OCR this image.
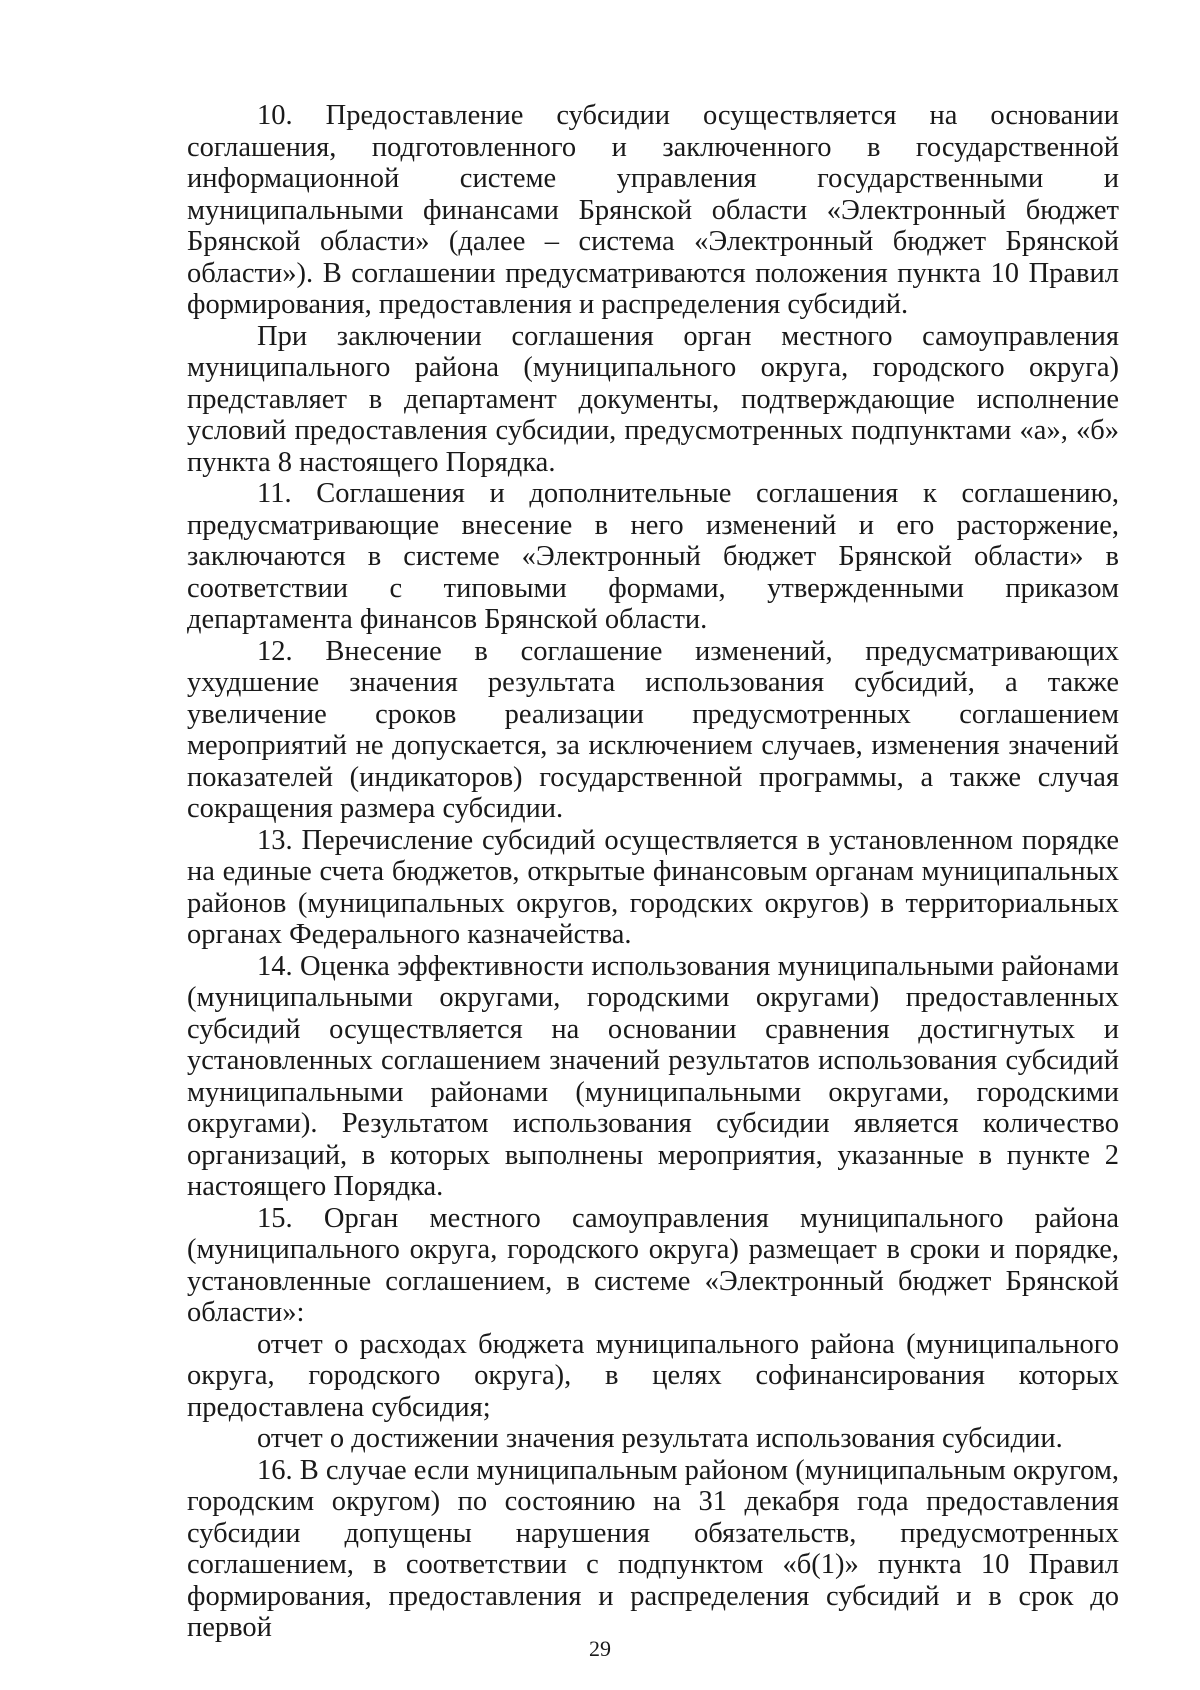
10. Предоставление субсидии осуществляется на основании соглашения, подготовленного и заключенного в государственной информационной системе управления государственными и муниципальными финансами Брянской области «Электронный бюджет Брянской области» (далее – система «Электронный бюджет Брянской области»). В соглашении предусматриваются положения пункта 10 Правил формирования, предоставления и распределения субсидий.

При заключении соглашения орган местного самоуправления муниципального района (муниципального округа, городского округа) представляет в департамент документы, подтверждающие исполнение условий предоставления субсидии, предусмотренных подпунктами «а», «б» пункта 8 настоящего Порядка.

11. Соглашения и дополнительные соглашения к соглашению, предусматривающие внесение в него изменений и его расторжение, заключаются в системе «Электронный бюджет Брянской области» в соответствии с типовыми формами, утвержденными приказом департамента финансов Брянской области.

12. Внесение в соглашение изменений, предусматривающих ухудшение значения результата использования субсидий, а также увеличение сроков реализации предусмотренных соглашением мероприятий не допускается, за исключением случаев, изменения значений показателей (индикаторов) государственной программы, а также случая сокращения размера субсидии.

13. Перечисление субсидий осуществляется в установленном порядке на единые счета бюджетов, открытые финансовым органам муниципальных районов (муниципальных округов, городских округов) в территориальных органах Федерального казначейства.

14. Оценка эффективности использования муниципальными районами (муниципальными округами, городскими округами) предоставленных субсидий осуществляется на основании сравнения достигнутых и установленных соглашением значений результатов использования субсидий муниципальными районами (муниципальными округами, городскими округами). Результатом использования субсидии является количество организаций, в которых выполнены мероприятия, указанные в пункте 2 настоящего Порядка.

15. Орган местного самоуправления муниципального района (муниципального округа, городского округа) размещает в сроки и порядке, установленные соглашением, в системе «Электронный бюджет Брянской области»:

отчет о расходах бюджета муниципального района (муниципального округа, городского округа), в целях софинансирования которых предоставлена субсидия;

отчет о достижении значения результата использования субсидии.

16. В случае если муниципальным районом (муниципальным округом, городским округом) по состоянию на 31 декабря года предоставления субсидии допущены нарушения обязательств, предусмотренных соглашением, в соответствии с подпунктом «б(1)» пункта 10 Правил формирования, предоставления и распределения субсидий и в срок до первой

29
